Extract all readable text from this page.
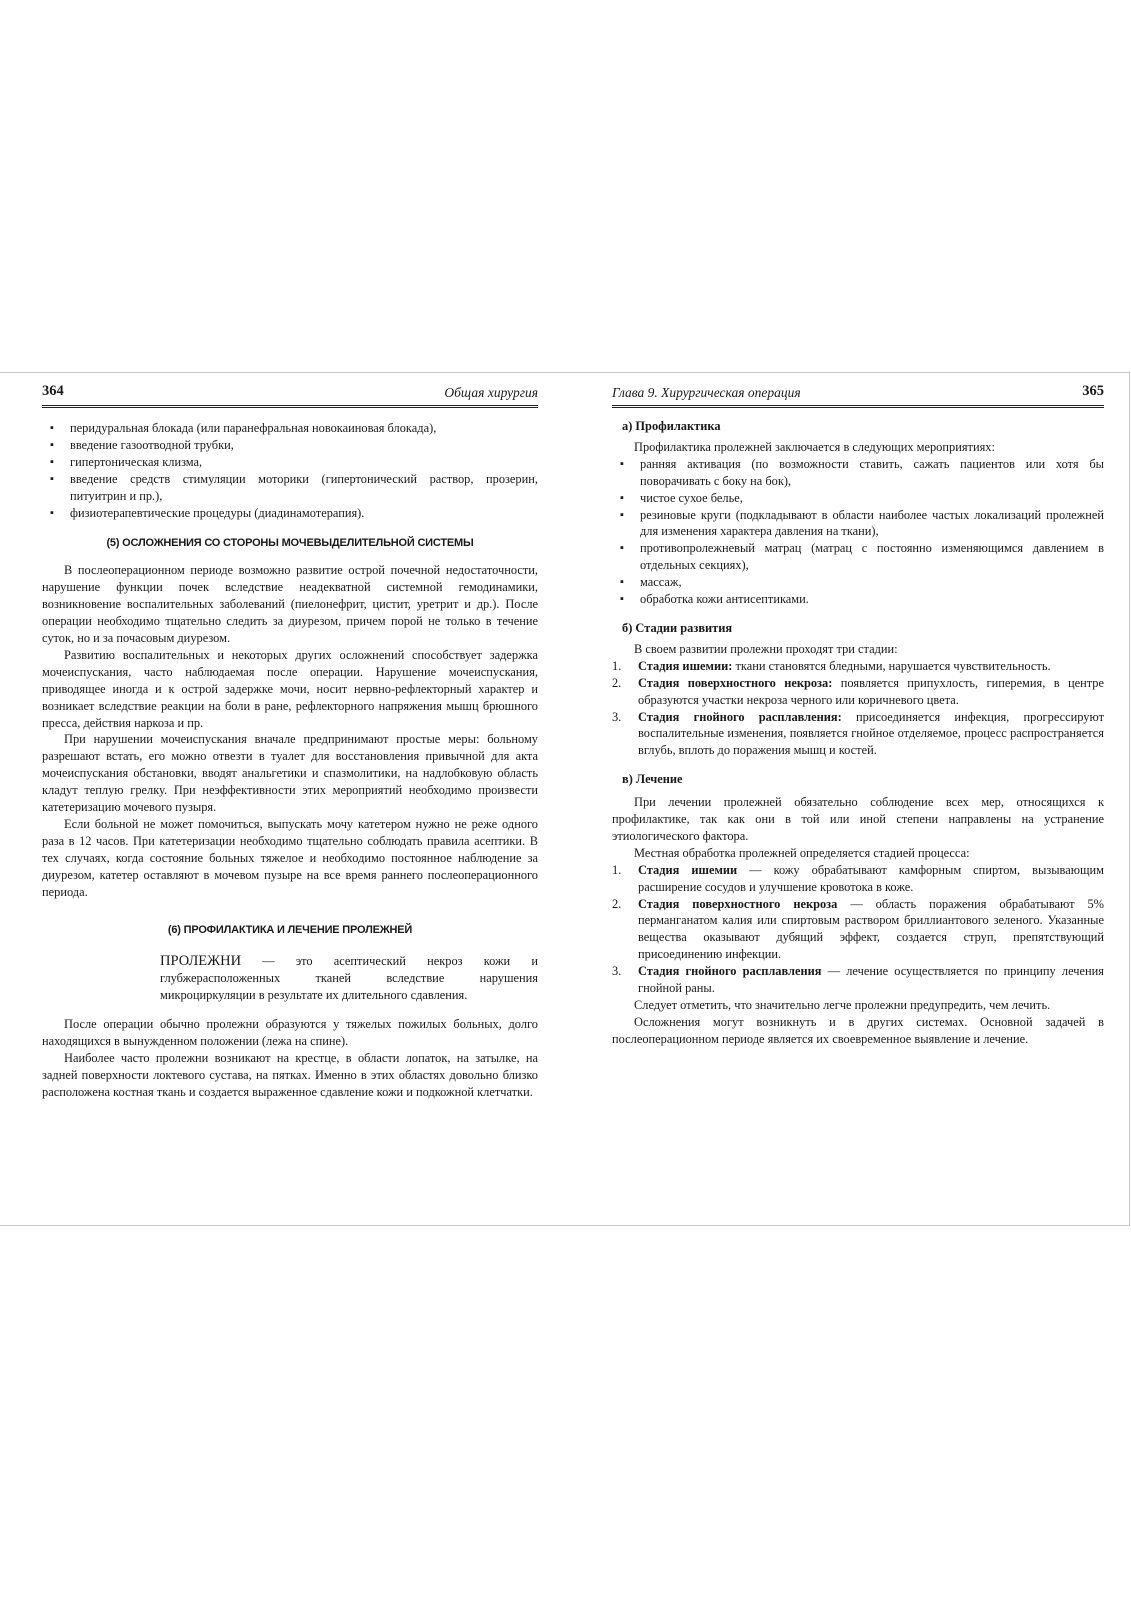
364	Общая хирургия
▪ перидуральная блокада (или паранефральная новокаиновая блокада),
▪ введение газоотводной трубки,
▪ гипертоническая клизма,
▪ введение средств стимуляции моторики (гипертонический раствор, прозерин, питуитрин и пр.),
▪ физиотерапевтические процедуры (диадинамотерапия).
(5) ОСЛОЖНЕНИЯ СО СТОРОНЫ МОЧЕВЫДЕЛИТЕЛЬНОЙ СИСТЕМЫ

В послеоперационном периоде возможно развитие острой почечной недостаточности, нарушение функции почек вследствие неадекватной системной гемодинамики, возникновение воспалительных заболеваний (пиелонефрит, цистит, уретрит и др.). После операции необходимо тщательно следить за диурезом, причем порой не только в течение суток, но и за почасовым диурезом.

Развитию воспалительных и некоторых других осложнений способствует задержка мочеиспускания, часто наблюдаемая после операции. Нарушение мочеиспускания, приводящее иногда и к острой задержке мочи, носит нервно-рефлекторный характер и возникает вследствие реакции на боли в ране, рефлекторного напряжения мышц брюшного пресса, действия наркоза и пр.

При нарушении мочеиспускания вначале предпринимают простые меры: больному разрешают встать, его можно отвезти в туалет для восстановления привычной для акта мочеиспускания обстановки, вводят анальгетики и спазмолитики, на надлобковую область кладут теплую грелку. При неэффективности этих мероприятий необходимо произвести катетеризацию мочевого пузыря.

Если больной не может помочиться, выпускать мочу катетером нужно не реже одного раза в 12 часов. При катетеризации необходимо тщательно соблюдать правила асептики. В тех случаях, когда состояние больных тяжелое и необходимо постоянное наблюдение за диурезом, катетер оставляют в мочевом пузыре на все время раннего послеоперационного периода.

(6) ПРОФИЛАКТИКА И ЛЕЧЕНИЕ ПРОЛЕЖНЕЙ

ПРОЛЕЖНИ — это асептический некроз кожи и глубжерасположенных тканей вследствие нарушения микроциркуляции в результате их длительного сдавления.

После операции обычно пролежни образуются у тяжелых пожилых больных, долго находящихся в вынужденном положении (лежа на спине).

Наиболее часто пролежни возникают на крестце, в области лопаток, на затылке, на задней поверхности локтевого сустава, на пятках. Именно в этих областях довольно близко расположена костная ткань и создается выраженное сдавление кожи и подкожной клетчатки.

Глава 9. Хирургическая операция	365
а) Профилактика

Профилактика пролежней заключается в следующих мероприятиях:

▪ ранняя активация (по возможности ставить, сажать пациентов или хотя бы поворачивать с боку на бок),
▪ чистое сухое белье,
▪ резиновые круги (подкладывают в области наиболее частых локализаций пролежней для изменения характера давления на ткани),
▪ противопролежневый матрац (матрац с постоянно изменяющимся давлением в отдельных секциях),
▪ массаж,
▪ обработка кожи антисептиками.
б) Стадии развития

В своем развитии пролежни проходят три стадии:

1. Стадия ишемии: ткани становятся бледными, нарушается чувствительность.
2. Стадия поверхностного некроза: появляется припухлость, гиперемия, в центре образуются участки некроза черного или коричневого цвета.
3. Стадия гнойного расплавления: присоединяется инфекция, прогрессируют воспалительные изменения, появляется гнойное отделяемое, процесс распространяется вглубь, вплоть до поражения мышц и костей.
в) Лечение

При лечении пролежней обязательно соблюдение всех мер, относящихся к профилактике, так как они в той или иной степени направлены на устранение этиологического фактора.

Местная обработка пролежней определяется стадией процесса:

1. Стадия ишемии — кожу обрабатывают камфорным спиртом, вызывающим расширение сосудов и улучшение кровотока в коже.
2. Стадия поверхностного некроза — область поражения обрабатывают 5% перманганатом калия или спиртовым раствором бриллиантового зеленого. Указанные вещества оказывают дубящий эффект, создается струп, препятствующий присоединению инфекции.
3. Стадия гнойного расплавления — лечение осуществляется по принципу лечения гнойной раны.

Следует отметить, что значительно легче пролежни предупредить, чем лечить.

Осложнения могут возникнуть и в других системах. Основной задачей в послеоперационном периоде является их своевременное выявление и лечение.
